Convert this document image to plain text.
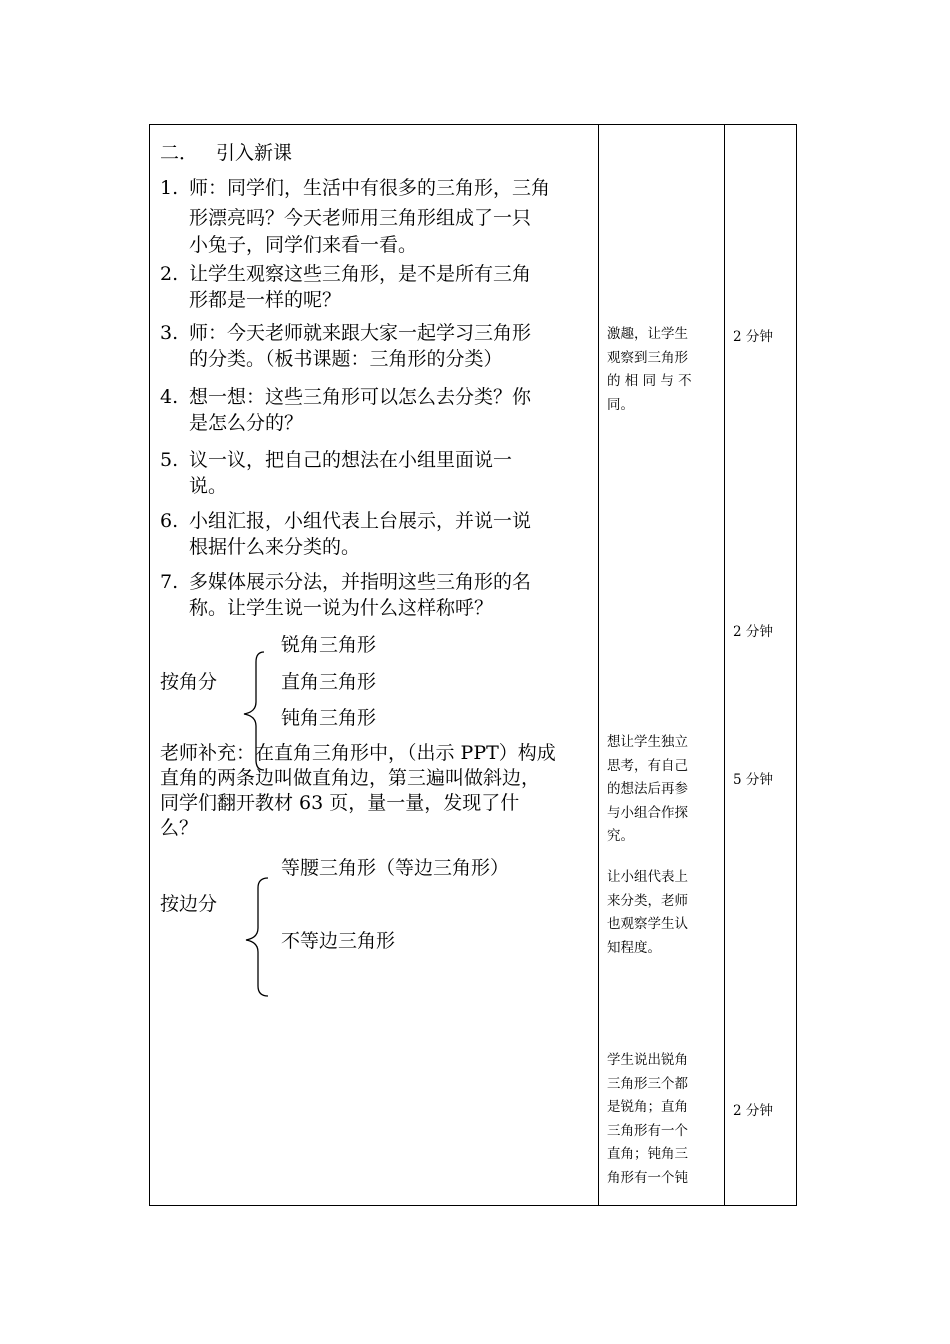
二． 引入新课
1. 师：同学们，生活中有很多的三角形，三角
形漂亮吗？今天老师用三角形组成了一只
小兔子，同学们来看一看。
2. 让学生观察这些三角形，是不是所有三角
形都是一样的呢？
3. 师：今天老师就来跟大家一起学习三角形
的分类。（板书课题：三角形的分类）
4. 想一想：这些三角形可以怎么去分类？你
是怎么分的？
5. 议一议，把自己的想法在小组里面说一
说。
6. 小组汇报，小组代表上台展示，并说一说
根据什么来分类的。
7. 多媒体展示分法，并指明这些三角形的名
称。让学生说一说为什么这样称呼？
按角分
锐角三角形
直角三角形
钝角三角形
老师补充：在直角三角形中，（出示 PPT）构成
直角的两条边叫做直角边，第三遍叫做斜边，
同学们翻开教材 63 页，量一量，发现了什
么？
按边分
等腰三角形（等边三角形）
不等边三角形
激趣，让学生
观察到三角形
的 相 同 与 不
同。
想让学生独立
思考，有自己
的想法后再参
与小组合作探
究。
让小组代表上
来分类，老师
也观察学生认
知程度。
学生说出锐角
三角形三个都
是锐角；直角
三角形有一个
直角；钝角三
角形有一个钝
2 分钟
2 分钟
5 分钟
2 分钟
